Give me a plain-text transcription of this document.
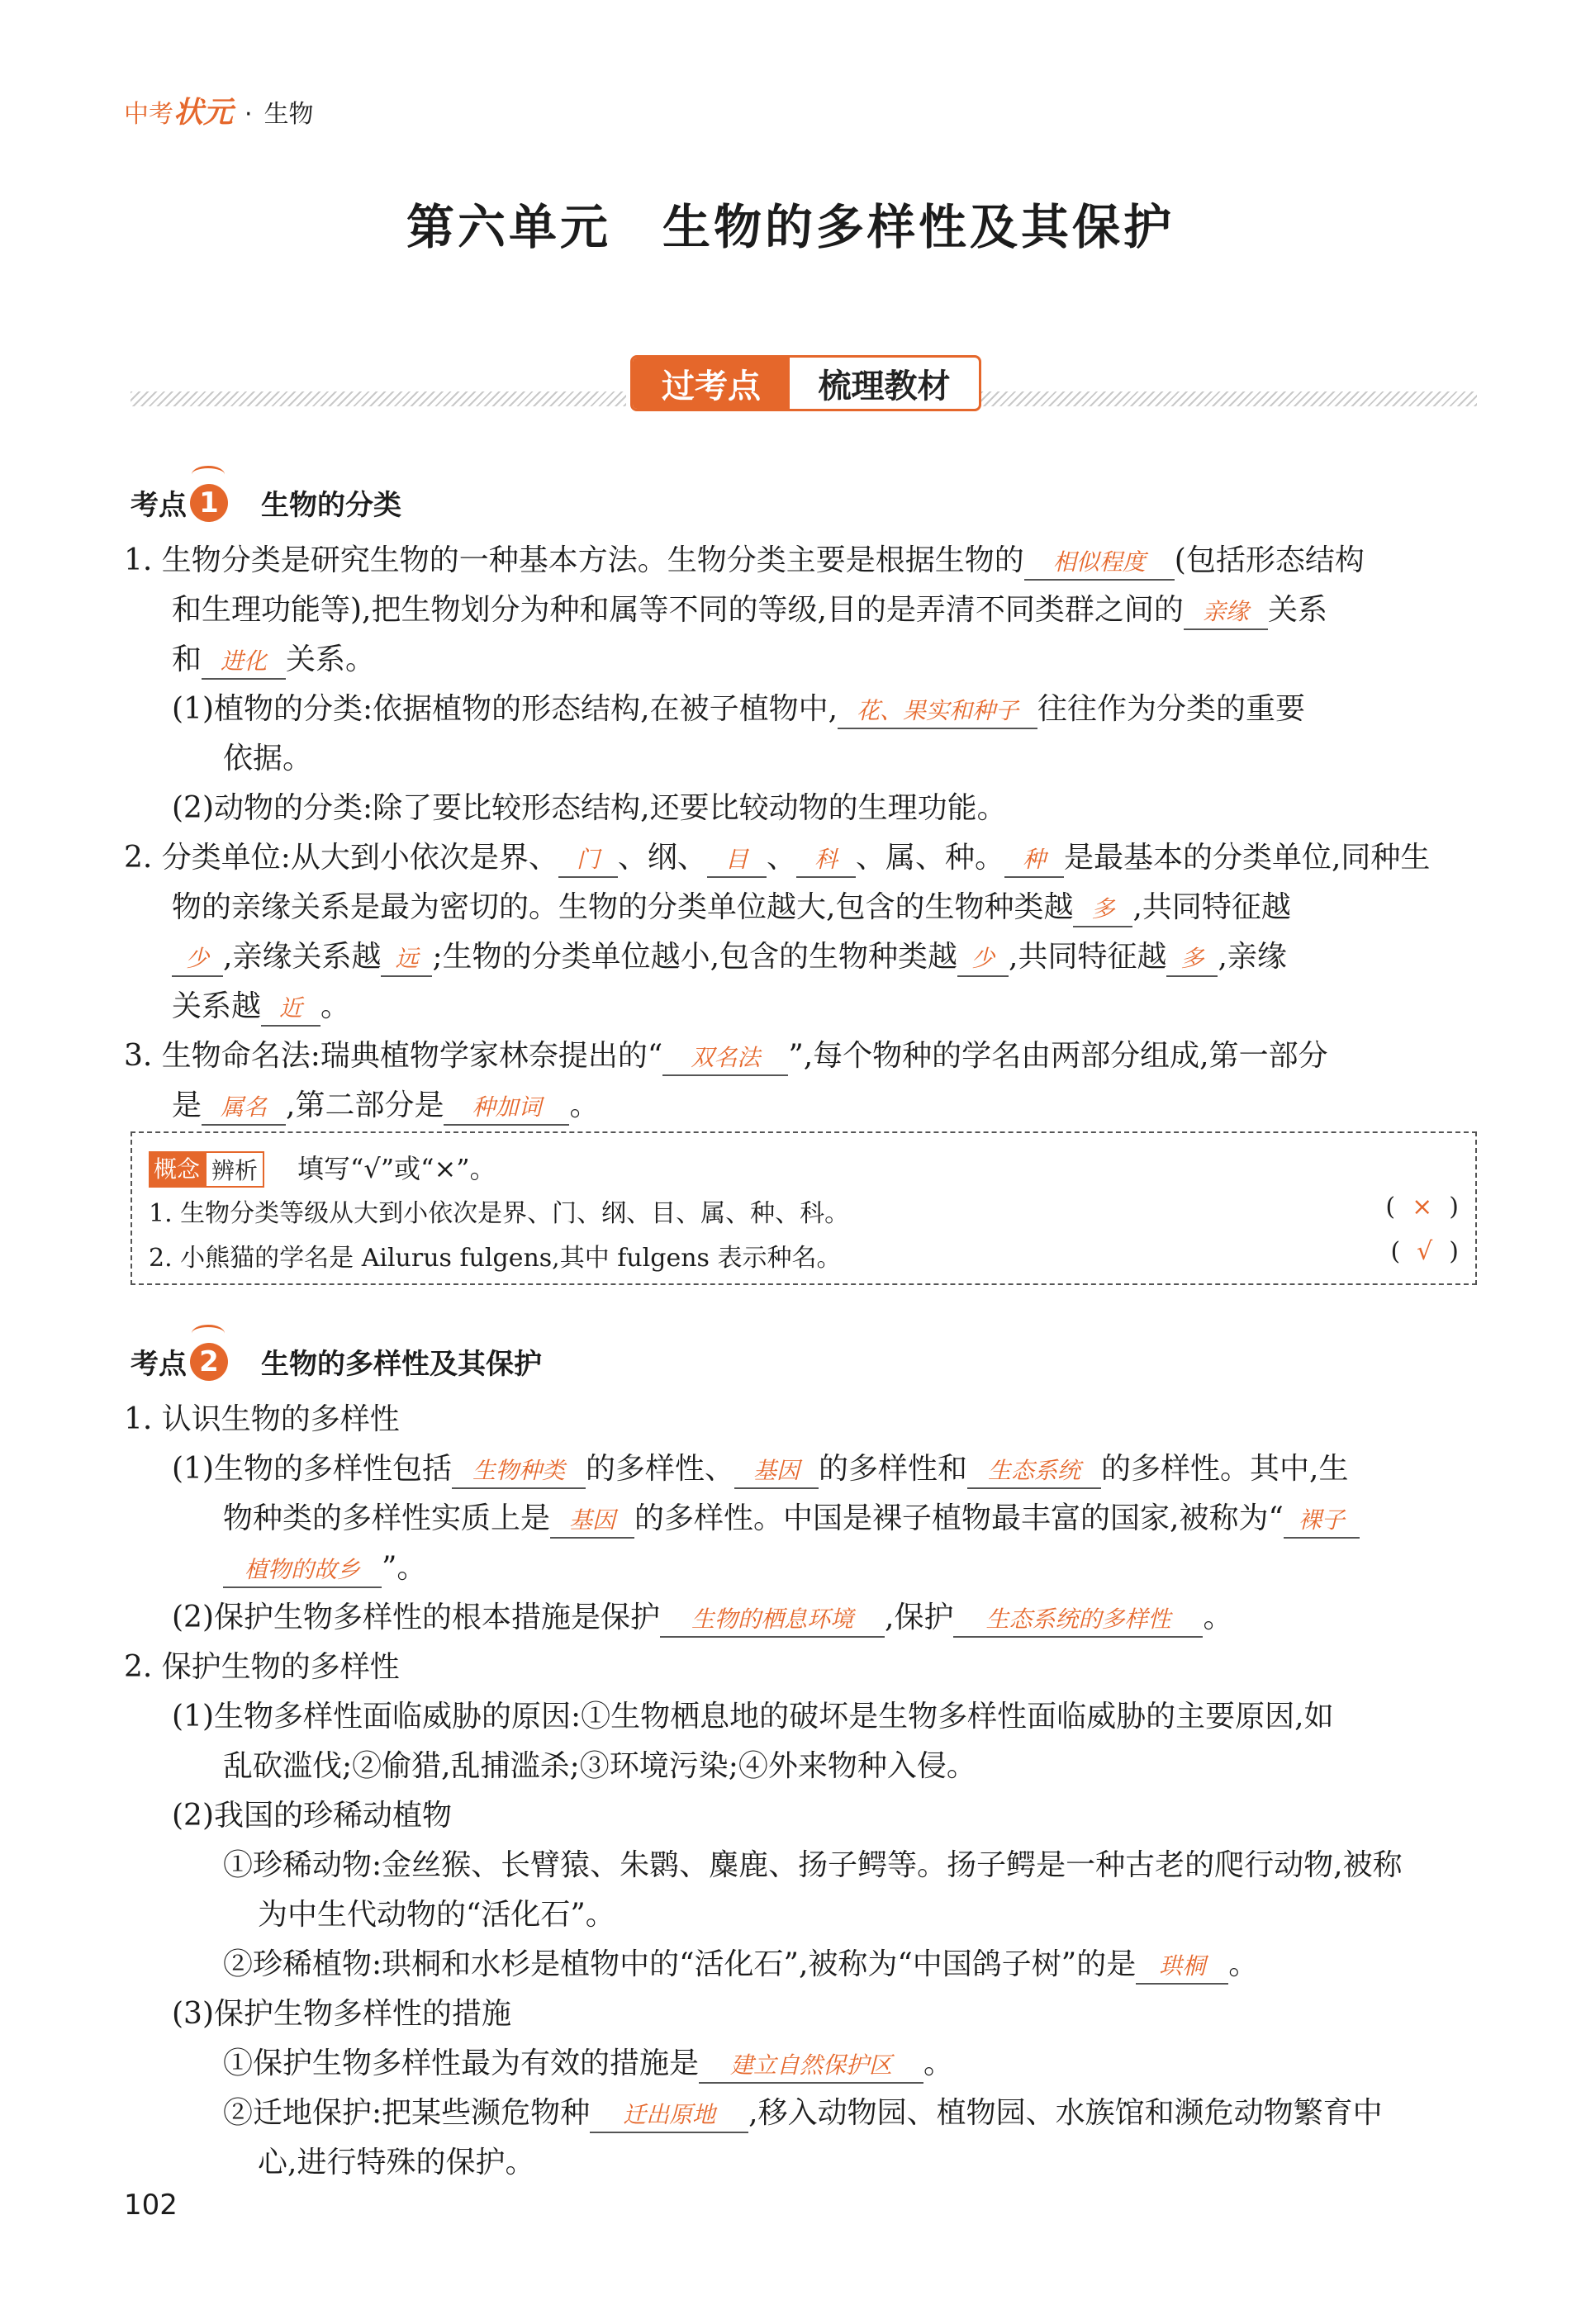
中考状元 · 生物
第六单元　生物的多样性及其保护
过考点	梳理教材
考点 1	生物的分类
1. 生物分类是研究生物的一种基本方法。生物分类主要是根据生物的 相似程度 (包括形态结构
和生理功能等),把生物划分为种和属等不同的等级,目的是弄清不同类群之间的 亲缘 关系
和 进化 关系。
(1)植物的分类:依据植物的形态结构,在被子植物中, 花、果实和种子 往往作为分类的重要
依据。
(2)动物的分类:除了要比较形态结构,还要比较动物的生理功能。
2. 分类单位:从大到小依次是界、 门 、纲、 目 、 科 、属、种。 种 是最基本的分类单位,同种生
物的亲缘关系是最为密切的。生物的分类单位越大,包含的生物种类越 多 ,共同特征越
少 ,亲缘关系越 远 ;生物的分类单位越小,包含的生物种类越 少 ,共同特征越 多 ,亲缘
关系越 近 。
3. 生物命名法:瑞典植物学家林奈提出的“ 双名法 ”,每个物种的学名由两部分组成,第一部分
是 属名 ,第二部分是 种加词 。
概念 辨析 填写“√”或“×”。
1. 生物分类等级从大到小依次是界、门、纲、目、属、种、科。	( × )
2. 小熊猫的学名是 Ailurus fulgens,其中 fulgens 表示种名。	( √ )
考点 2	生物的多样性及其保护
1. 认识生物的多样性
(1)生物的多样性包括 生物种类 的多样性、 基因 的多样性和 生态系统 的多样性。其中,生
物种类的多样性实质上是 基因 的多样性。中国是裸子植物最丰富的国家,被称为“ 裸子
植物的故乡 ”。
(2)保护生物多样性的根本措施是保护 生物的栖息环境 ,保护 生态系统的多样性 。
2. 保护生物的多样性
(1)生物多样性面临威胁的原因:①生物栖息地的破坏是生物多样性面临威胁的主要原因,如
乱砍滥伐;②偷猎,乱捕滥杀;③环境污染;④外来物种入侵。
(2)我国的珍稀动植物
①珍稀动物:金丝猴、长臂猿、朱鹮、麋鹿、扬子鳄等。扬子鳄是一种古老的爬行动物,被称
为中生代动物的“活化石”。
②珍稀植物:珙桐和水杉是植物中的“活化石”,被称为“中国鸽子树”的是 珙桐 。
(3)保护生物多样性的措施
①保护生物多样性最为有效的措施是 建立自然保护区 。
②迁地保护:把某些濒危物种 迁出原地 ,移入动物园、植物园、水族馆和濒危动物繁育中
心,进行特殊的保护。
102
